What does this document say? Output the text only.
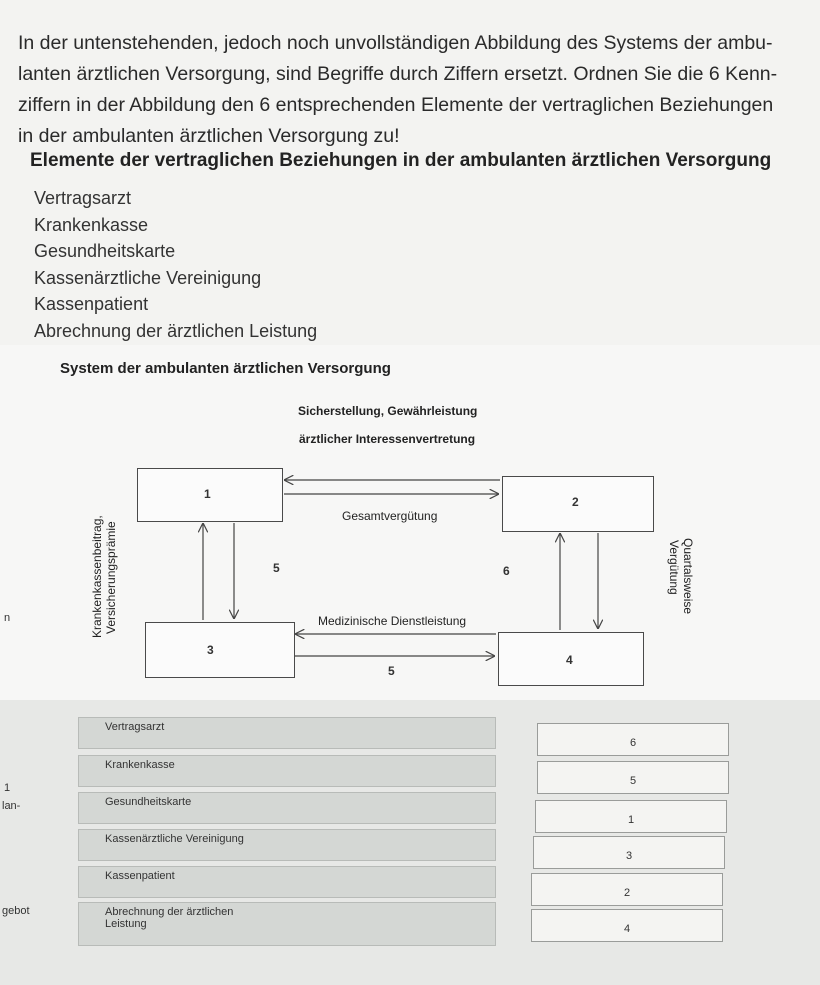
In der untenstehenden, jedoch noch unvollständigen Abbildung des Systems der ambu-
lanten ärztlichen Versorgung, sind Begriffe durch Ziffern ersetzt. Ordnen Sie die 6 Kenn-
ziffern in der Abbildung den 6 entsprechenden Elemente der vertraglichen Beziehungen
in der ambulanten ärztlichen Versorgung zu!
Elemente der vertraglichen Beziehungen in der ambulanten ärztlichen Versorgung
Vertragsarzt
Krankenkasse
Gesundheitskarte
Kassenärztliche Vereinigung
Kassenpatient
Abrechnung der ärztlichen Leistung
System der ambulanten ärztlichen Versorgung
Sicherstellung, Gewährleistung
ärztlicher Interessenvertretung
1
2
3
4
Gesamtvergütung
5	6
Medizinische Dienstleistung
5
Krankenkassenbeitrag, Versicherungsprämie	Quartalsweise
Vergütung
Vertragsarzt
Krankenkasse
Gesundheitskarte
Kassenärztliche Vereinigung
Kassenpatient
Abrechnung der ärztlichen
Leistung
6
5
1
3
2
4
n
1
lan-
gebot
